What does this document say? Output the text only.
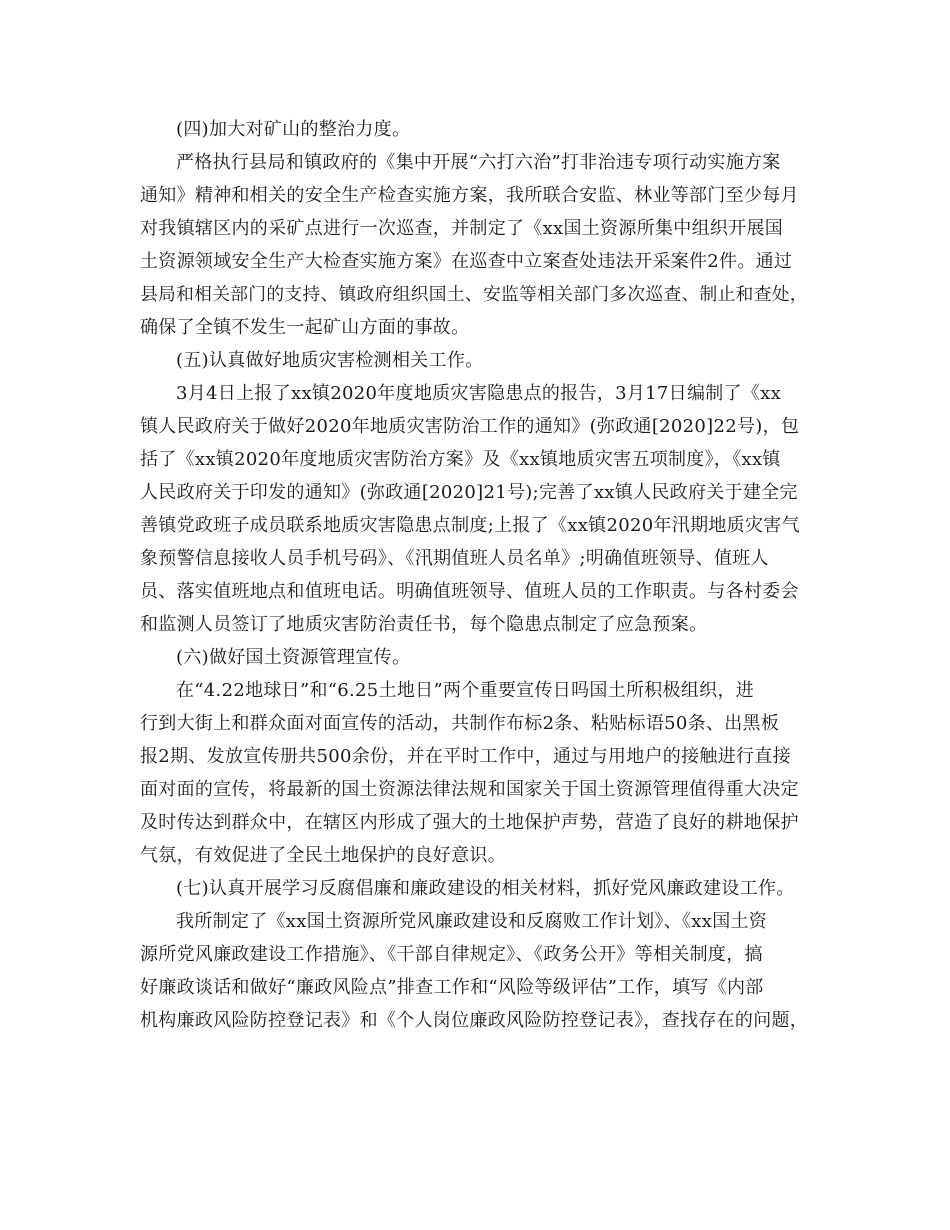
(四)加大对矿山的整治力度。
严格执行县局和镇政府的《集中开展“六打六治”打非治违专项行动实施方案
通知》精神和相关的安全生产检查实施方案，我所联合安监、林业等部门至少每月
对我镇辖区内的采矿点进行一次巡查，并制定了《xx国土资源所集中组织开展国
土资源领域安全生产大检查实施方案》在巡查中立案查处违法开采案件2件。通过
县局和相关部门的支持、镇政府组织国土、安监等相关部门多次巡查、制止和查处，
确保了全镇不发生一起矿山方面的事故。
(五)认真做好地质灾害检测相关工作。
3月4日上报了xx镇2020年度地质灾害隐患点的报告，3月17日编制了《xx
镇人民政府关于做好2020年地质灾害防治工作的通知》(弥政通[2020]22号)，包
括了《xx镇2020年度地质灾害防治方案》及《xx镇地质灾害五项制度》，《xx镇
人民政府关于印发的通知》(弥政通[2020]21号);完善了xx镇人民政府关于建全完
善镇党政班子成员联系地质灾害隐患点制度;上报了《xx镇2020年汛期地质灾害气
象预警信息接收人员手机号码》、《汛期值班人员名单》;明确值班领导、值班人
员、落实值班地点和值班电话。明确值班领导、值班人员的工作职责。与各村委会
和监测人员签订了地质灾害防治责任书，每个隐患点制定了应急预案。
(六)做好国土资源管理宣传。
在“4.22地球日”和“6.25土地日”两个重要宣传日吗国土所积极组织，进
行到大街上和群众面对面宣传的活动，共制作布标2条、粘贴标语50条、出黑板
报2期、发放宣传册共500余份，并在平时工作中，通过与用地户的接触进行直接
面对面的宣传，将最新的国土资源法律法规和国家关于国土资源管理值得重大决定
及时传达到群众中，在辖区内形成了强大的土地保护声势，营造了良好的耕地保护
气氛，有效促进了全民土地保护的良好意识。
(七)认真开展学习反腐倡廉和廉政建设的相关材料，抓好党风廉政建设工作。
我所制定了《xx国土资源所党风廉政建设和反腐败工作计划》、《xx国土资
源所党风廉政建设工作措施》、《干部自律规定》、《政务公开》等相关制度，搞
好廉政谈话和做好“廉政风险点”排查工作和“风险等级评估”工作，填写《内部
机构廉政风险防控登记表》和《个人岗位廉政风险防控登记表》，查找存在的问题，
